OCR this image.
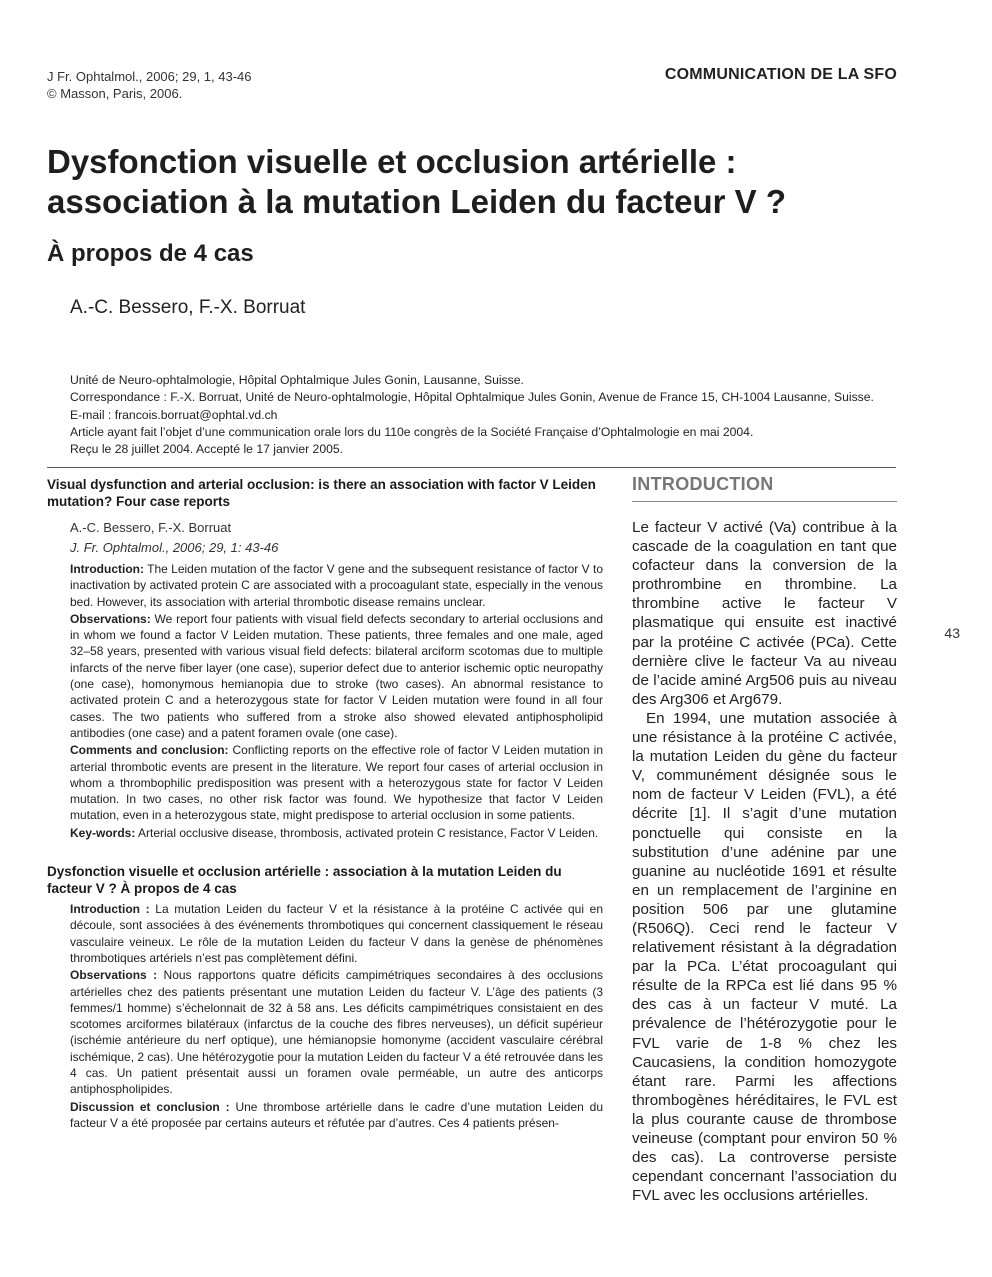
J Fr. Ophtalmol., 2006; 29, 1, 43-46
© Masson, Paris, 2006.
COMMUNICATION DE LA SFO
Dysfonction visuelle et occlusion artérielle :
association à la mutation Leiden du facteur V ?
À propos de 4 cas
A.-C. Bessero, F.-X. Borruat
Unité de Neuro-ophtalmologie, Hôpital Ophtalmique Jules Gonin, Lausanne, Suisse.
Correspondance : F.-X. Borruat, Unité de Neuro-ophtalmologie, Hôpital Ophtalmique Jules Gonin, Avenue de France 15, CH-1004 Lausanne, Suisse.
E-mail : francois.borruat@ophtal.vd.ch
Article ayant fait l’objet d’une communication orale lors du 110e congrès de la Société Française d’Ophtalmologie en mai 2004.
Reçu le 28 juillet 2004. Accepté le 17 janvier 2005.
Visual dysfunction and arterial occlusion: is there an association with factor V Leiden mutation? Four case reports
A.-C. Bessero, F.-X. Borruat
J. Fr. Ophtalmol., 2006; 29, 1: 43-46

Introduction: The Leiden mutation of the factor V gene and the subsequent resistance of factor V to inactivation by activated protein C are associated with a procoagulant state, especially in the venous bed. However, its association with arterial thrombotic disease remains unclear.

Observations: We report four patients with visual field defects secondary to arterial occlusions and in whom we found a factor V Leiden mutation. These patients, three females and one male, aged 32–58 years, presented with various visual field defects: bilateral arciform scotomas due to multiple infarcts of the nerve fiber layer (one case), superior defect due to anterior ischemic optic neuropathy (one case), homonymous hemianopia due to stroke (two cases). An abnormal resistance to activated protein C and a heterozygous state for factor V Leiden mutation were found in all four cases. The two patients who suffered from a stroke also showed elevated antiphospholipid antibodies (one case) and a patent foramen ovale (one case).

Comments and conclusion: Conflicting reports on the effective role of factor V Leiden mutation in arterial thrombotic events are present in the literature. We report four cases of arterial occlusion in whom a thrombophilic predisposition was present with a heterozygous state for factor V Leiden mutation. In two cases, no other risk factor was found. We hypothesize that factor V Leiden mutation, even in a heterozygous state, might predispose to arterial occlusion in some patients.

Key-words: Arterial occlusive disease, thrombosis, activated protein C resistance, Factor V Leiden.

Dysfonction visuelle et occlusion artérielle : association à la mutation Leiden du facteur V ? À propos de 4 cas

Introduction : La mutation Leiden du facteur V et la résistance à la protéine C activée qui en découle, sont associées à des événements thrombotiques qui concernent classiquement le réseau vasculaire veineux. Le rôle de la mutation Leiden du facteur V dans la genèse de phénomènes thrombotiques artériels n’est pas complètement défini.

Observations : Nous rapportons quatre déficits campimétriques secondaires à des occlusions artérielles chez des patients présentant une mutation Leiden du facteur V. L’âge des patients (3 femmes/1 homme) s’échelonnait de 32 à 58 ans. Les déficits campimétriques consistaient en des scotomes arciformes bilatéraux (infarctus de la couche des fibres nerveuses), un déficit supérieur (ischémie antérieure du nerf optique), une hémianopsie homonyme (accident vasculaire cérébral ischémique, 2 cas). Une hétérozygotie pour la mutation Leiden du facteur V a été retrouvée dans les 4 cas. Un patient présentait aussi un foramen ovale perméable, un autre des anticorps antiphospholipides.

Discussion et conclusion : Une thrombose artérielle dans le cadre d’une mutation Leiden du facteur V a été proposée par certains auteurs et réfutée par d’autres. Ces 4 patients présen-

INTRODUCTION

Le facteur V activé (Va) contribue à la cascade de la coagulation en tant que cofacteur dans la conversion de la prothrombine en thrombine. La thrombine active le facteur V plasmatique qui ensuite est inactivé par la protéine C activée (PCa). Cette dernière clive le facteur Va au niveau de l’acide aminé Arg506 puis au niveau des Arg306 et Arg679.

En 1994, une mutation associée à une résistance à la protéine C activée, la mutation Leiden du gène du facteur V, communément désignée sous le nom de facteur V Leiden (FVL), a été décrite [1]. Il s’agit d’une mutation ponctuelle qui consiste en la substitution d’une adénine par une guanine au nucléotide 1691 et résulte en un remplacement de l’arginine en position 506 par une glutamine (R506Q). Ceci rend le facteur V relativement résistant à la dégradation par la PCa. L’état procoagulant qui résulte de la RPCa est lié dans 95 % des cas à un facteur V muté. La prévalence de l’hétérozygotie pour le FVL varie de 1-8 % chez les Caucasiens, la condition homozygote étant rare. Parmi les affections thrombogènes héréditaires, le FVL est la plus courante cause de thrombose veineuse (comptant pour environ 50 % des cas). La controverse persiste cependant concernant l’association du FVL avec les occlusions artérielles.

43
